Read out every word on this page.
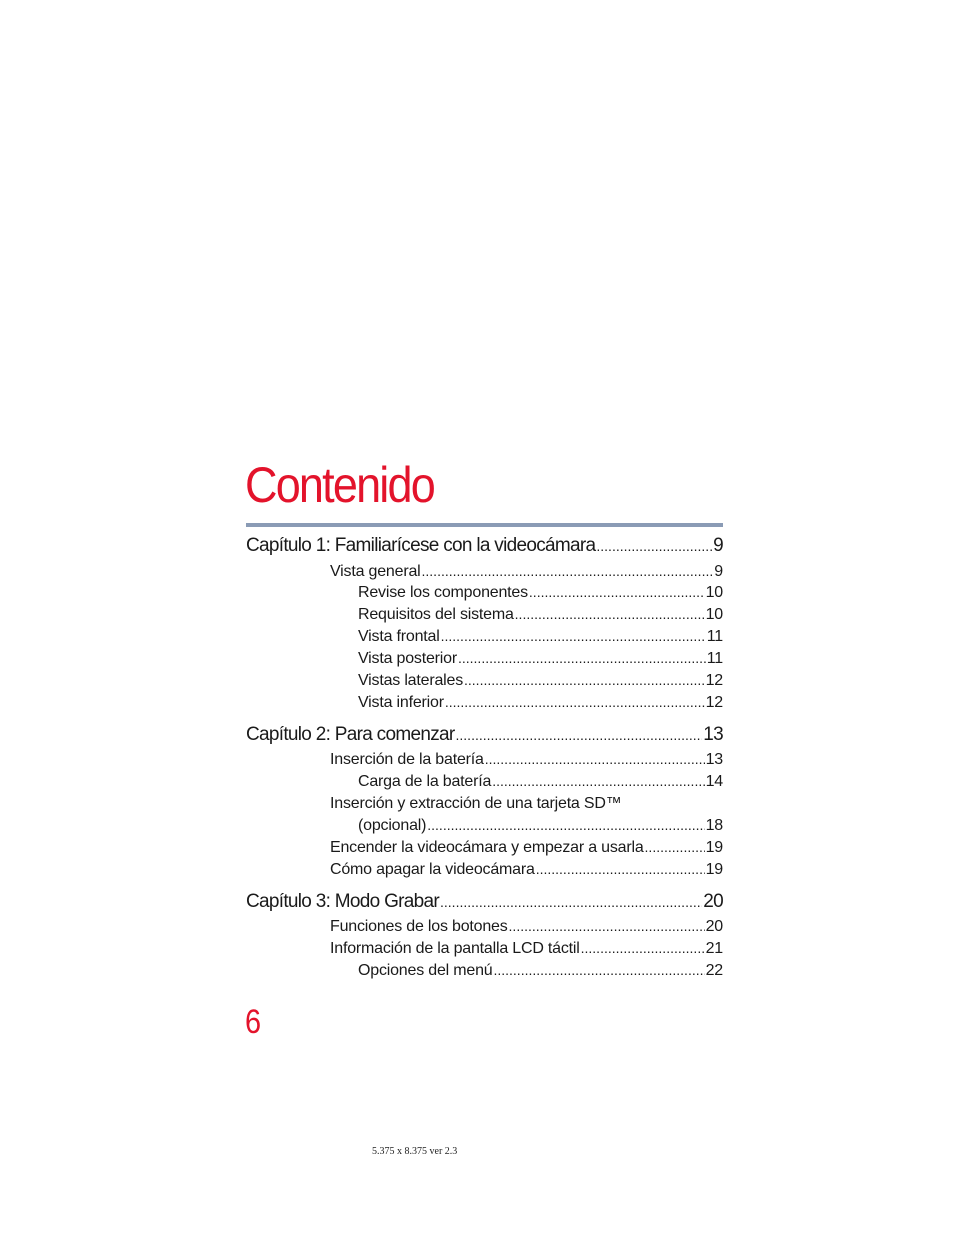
Contenido
Capítulo 1: Familiarícese con la videocámara .....	9
Vista general .....	9
Revise los componentes .....	10
Requisitos del sistema .....	10
Vista frontal .....	11
Vista posterior .....	11
Vistas laterales .....	12
Vista inferior .....	12
Capítulo 2: Para comenzar .....	13
Inserción de la batería .....	13
Carga de la batería .....	14
Inserción y extracción de una tarjeta SD™
(opcional) .....	18
Encender la videocámara y empezar a usarla .....	19
Cómo apagar la videocámara .....	19
Capítulo 3: Modo Grabar .....	20
Funciones de los botones .....	20
Información de la pantalla LCD táctil .....	21
Opciones del menú .....	22
6
5.375 x 8.375 ver 2.3
